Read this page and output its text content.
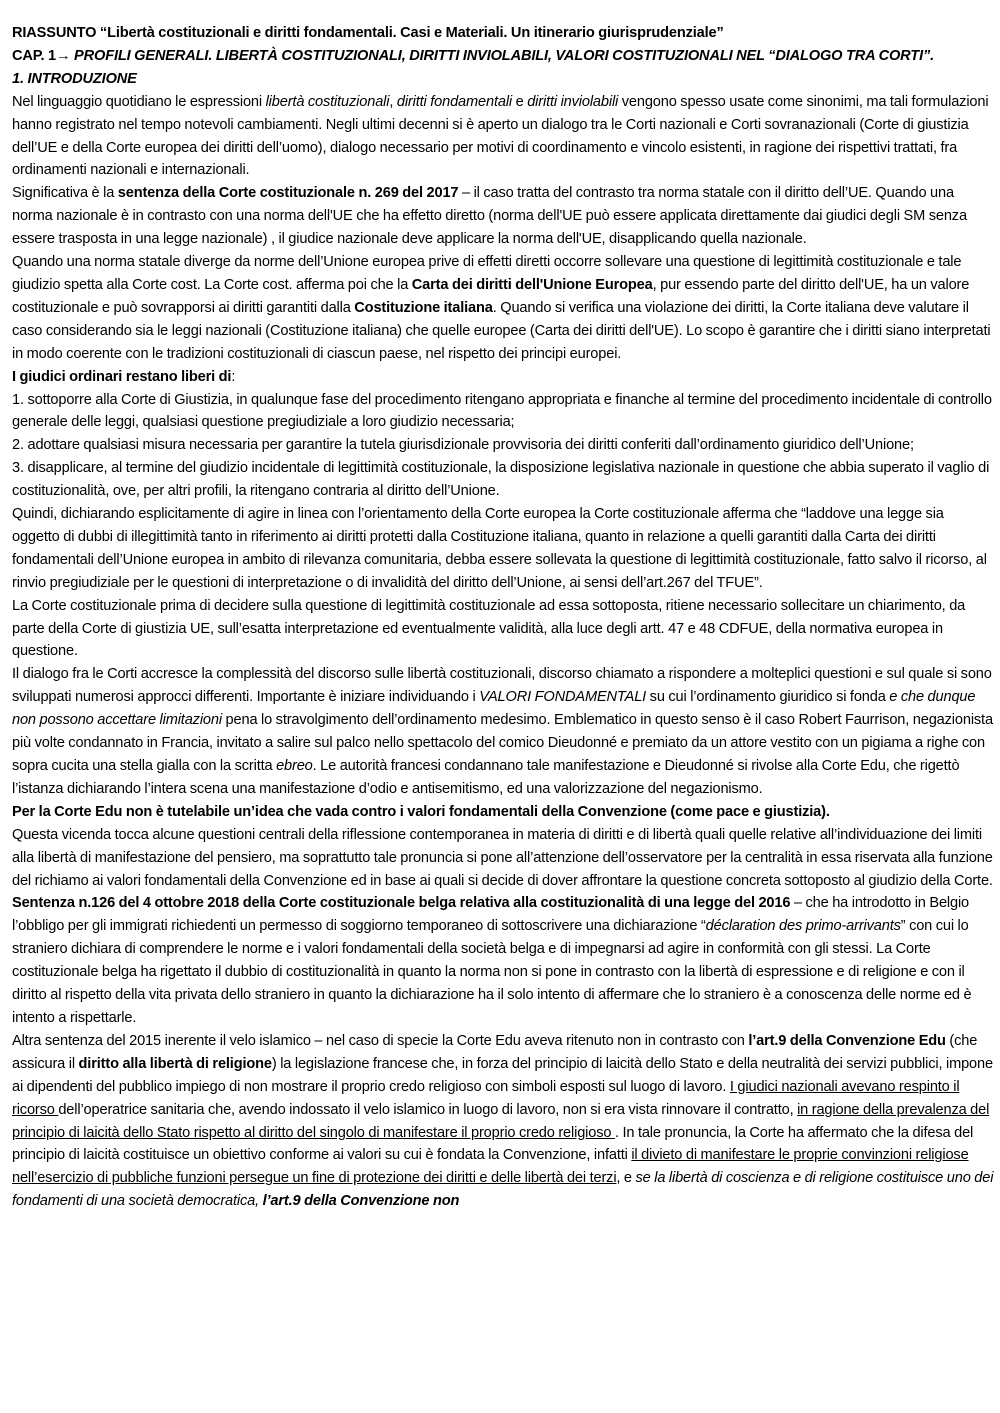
RIASSUNTO “Libertà costituzionali e diritti fondamentali. Casi e Materiali. Un itinerario giurisprudenziale”

CAP. 1→ PROFILI GENERALI. LIBERTÀ COSTITUZIONALI, DIRITTI INVIOLABILI, VALORI COSTITUZIONALI NEL “DIALOGO TRA CORTI”.

1. INTRODUZIONE

Nel linguaggio quotidiano le espressioni libertà costituzionali, diritti fondamentali e diritti inviolabili vengono spesso usate come sinonimi, ma tali formulazioni hanno registrato nel tempo notevoli cambiamenti. Negli ultimi decenni si è aperto un dialogo tra le Corti nazionali e Corti sovranazionali (Corte di giustizia dell’UE e della Corte europea dei diritti dell’uomo), dialogo necessario per motivi di coordinamento e vincolo esistenti, in ragione dei rispettivi trattati, fra ordinamenti nazionali e internazionali.

Significativa è la sentenza della Corte costituzionale n. 269 del 2017 – il caso tratta del contrasto tra norma statale con il diritto dell’UE. Quando una norma nazionale è in contrasto con una norma dell'UE che ha effetto diretto (norma dell'UE può essere applicata direttamente dai giudici degli SM senza essere trasposta in una legge nazionale) , il giudice nazionale deve applicare la norma dell'UE, disapplicando quella nazionale.

Quando una norma statale diverge da norme dell’Unione europea prive di effetti diretti occorre sollevare una questione di legittimità costituzionale e tale giudizio spetta alla Corte cost. La Corte cost. afferma poi che la Carta dei diritti dell'Unione Europea, pur essendo parte del diritto dell'UE, ha un valore costituzionale e può sovrapporsi ai diritti garantiti dalla Costituzione italiana. Quando si verifica una violazione dei diritti, la Corte italiana deve valutare il caso considerando sia le leggi nazionali (Costituzione italiana) che quelle europee (Carta dei diritti dell'UE). Lo scopo è garantire che i diritti siano interpretati in modo coerente con le tradizioni costituzionali di ciascun paese, nel rispetto dei principi europei.

I giudici ordinari restano liberi di:

1. sottoporre alla Corte di Giustizia, in qualunque fase del procedimento ritengano appropriata e finanche al termine del procedimento incidentale di controllo generale delle leggi, qualsiasi questione pregiudiziale a loro giudizio necessaria;

2. adottare qualsiasi misura necessaria per garantire la tutela giurisdizionale provvisoria dei diritti conferiti dall’ordinamento giuridico dell’Unione;

3. disapplicare, al termine del giudizio incidentale di legittimità costituzionale, la disposizione legislativa nazionale in questione che abbia superato il vaglio di costituzionalità, ove, per altri profili, la ritengano contraria al diritto dell’Unione.

Quindi, dichiarando esplicitamente di agire in linea con l’orientamento della Corte europea la Corte costituzionale afferma che “laddove una legge sia oggetto di dubbi di illegittimità tanto in riferimento ai diritti protetti dalla Costituzione italiana, quanto in relazione a quelli garantiti dalla Carta dei diritti fondamentali dell’Unione europea in ambito di rilevanza comunitaria, debba essere sollevata la questione di legittimità costituzionale, fatto salvo il ricorso, al rinvio pregiudiziale per le questioni di interpretazione o di invalidità del diritto dell’Unione, ai sensi dell’art.267 del TFUE”.

La Corte costituzionale prima di decidere sulla questione di legittimità costituzionale ad essa sottoposta, ritiene necessario sollecitare un chiarimento, da parte della Corte di giustizia UE, sull’esatta interpretazione ed eventualmente validità, alla luce degli artt. 47 e 48 CDFUE, della normativa europea in questione.

Il dialogo fra le Corti accresce la complessità del discorso sulle libertà costituzionali, discorso chiamato a rispondere a molteplici questioni e sul quale si sono sviluppati numerosi approcci differenti. Importante è iniziare individuando i VALORI FONDAMENTALI su cui l’ordinamento giuridico si fonda e che dunque non possono accettare limitazioni pena lo stravolgimento dell’ordinamento medesimo. Emblematico in questo senso è il caso Robert Faurrison, negazionista più volte condannato in Francia, invitato a salire sul palco nello spettacolo del comico Dieudonné e premiato da un attore vestito con un pigiama a righe con sopra cucita una stella gialla con la scritta ebreo. Le autorità francesi condannano tale manifestazione e Dieudonné si rivolse alla Corte Edu, che rigettò l’istanza dichiarando l’intera scena una manifestazione d’odio e antisemitismo, ed una valorizzazione del negazionismo.

Per la Corte Edu non è tutelabile un’idea che vada contro i valori fondamentali della Convenzione (come pace e giustizia).

Questa vicenda tocca alcune questioni centrali della riflessione contemporanea in materia di diritti e di libertà quali quelle relative all’individuazione dei limiti alla libertà di manifestazione del pensiero, ma soprattutto tale pronuncia si pone all’attenzione dell’osservatore per la centralità in essa riservata alla funzione del richiamo ai valori fondamentali della Convenzione ed in base ai quali si decide di dover affrontare la questione concreta sottoposto al giudizio della Corte.

Sentenza n.126 del 4 ottobre 2018 della Corte costituzionale belga relativa alla costituzionalità di una legge del 2016 – che ha introdotto in Belgio l’obbligo per gli immigrati richiedenti un permesso di soggiorno temporaneo di sottoscrivere una dichiarazione “déclaration des primo-arrivants” con cui lo straniero dichiara di comprendere le norme e i valori fondamentali della società belga e di impegnarsi ad agire in conformità con gli stessi. La Corte costituzionale belga ha rigettato il dubbio di costituzionalità in quanto la norma non si pone in contrasto con la libertà di espressione e di religione e con il diritto al rispetto della vita privata dello straniero in quanto la dichiarazione ha il solo intento di affermare che lo straniero è a conoscenza delle norme ed è intento a rispettarle.

Altra sentenza del 2015 inerente il velo islamico – nel caso di specie la Corte Edu aveva ritenuto non in contrasto con l’art.9 della Convenzione Edu (che assicura il diritto alla libertà di religione) la legislazione francese che, in forza del principio di laicità dello Stato e della neutralità dei servizi pubblici, impone ai dipendenti del pubblico impiego di non mostrare il proprio credo religioso con simboli esposti sul luogo di lavoro. I giudici nazionali avevano respinto il ricorso dell’operatrice sanitaria che, avendo indossato il velo islamico in luogo di lavoro, non si era vista rinnovare il contratto, in ragione della prevalenza del principio di laicità dello Stato rispetto al diritto del singolo di manifestare il proprio credo religioso . In tale pronuncia, la Corte ha affermato che la difesa del principio di laicità costituisce un obiettivo conforme ai valori su cui è fondata la Convenzione, infatti il divieto di manifestare le proprie convinzioni religiose nell’esercizio di pubbliche funzioni persegue un fine di protezione dei diritti e delle libertà dei terzi, e se la libertà di coscienza e di religione costituisce uno dei fondamenti di una società democratica, l’art.9 della Convenzione non
